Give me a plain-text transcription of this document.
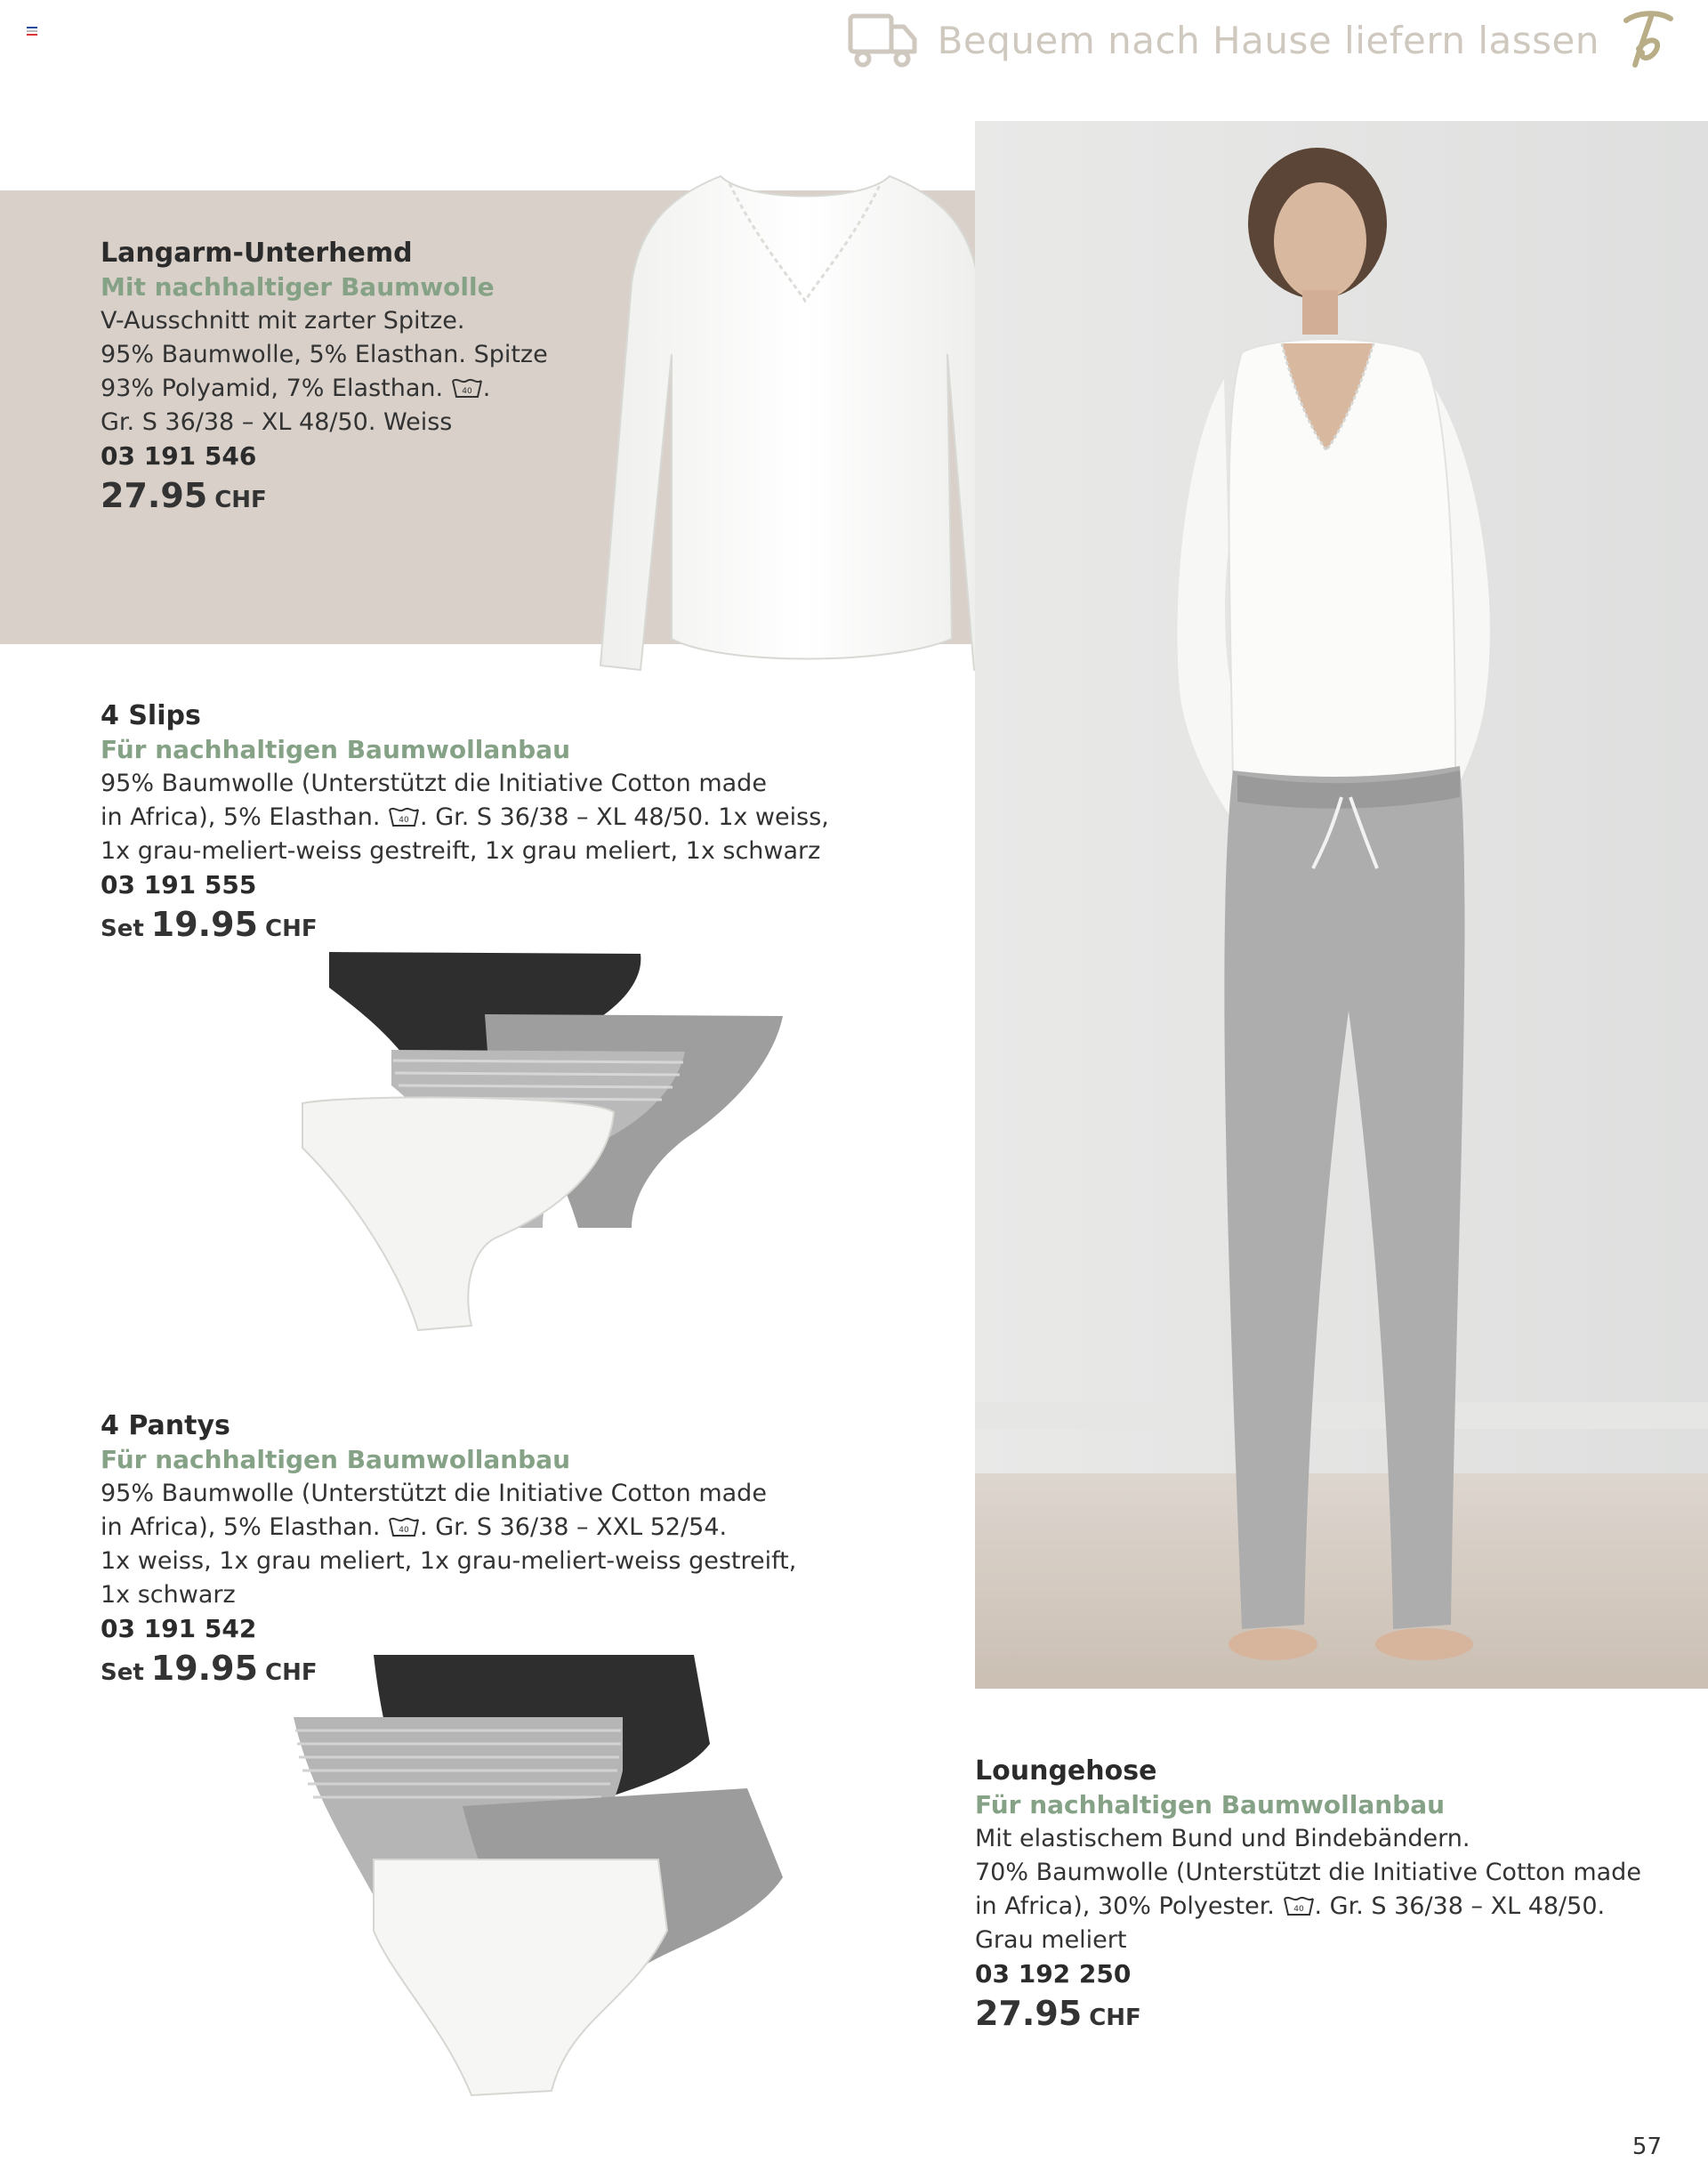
Bequem nach Hause liefern lassen
Langarm-Unterhemd
Mit nachhaltiger Baumwolle
V-Ausschnitt mit zarter Spitze.
95% Baumwolle, 5% Elasthan. Spitze
93% Polyamid, 7% Elasthan. 40 .
Gr. S 36/38 – XL 48/50. Weiss
03 191 546
27.95 CHF
4 Slips
Für nachhaltigen Baumwollanbau
95% Baumwolle (Unterstützt die Initiative Cotton made
in Africa), 5% Elasthan. 40 . Gr. S 36/38 – XL 48/50. 1x weiss,
1x grau-meliert-weiss gestreift, 1x grau meliert, 1x schwarz
03 191 555
Set 19.95 CHF
4 Pantys
Für nachhaltigen Baumwollanbau
95% Baumwolle (Unterstützt die Initiative Cotton made
in Africa), 5% Elasthan. 40 . Gr. S 36/38 – XXL 52/54.
1x weiss, 1x grau meliert, 1x grau-meliert-weiss gestreift,
1x schwarz
03 191 542
Set 19.95 CHF
Loungehose
Für nachhaltigen Baumwollanbau
Mit elastischem Bund und Bindebändern.
70% Baumwolle (Unterstützt die Initiative Cotton made
in Africa), 30% Polyester. 40 . Gr. S 36/38 – XL 48/50.
Grau meliert
03 192 250
27.95 CHF
57
